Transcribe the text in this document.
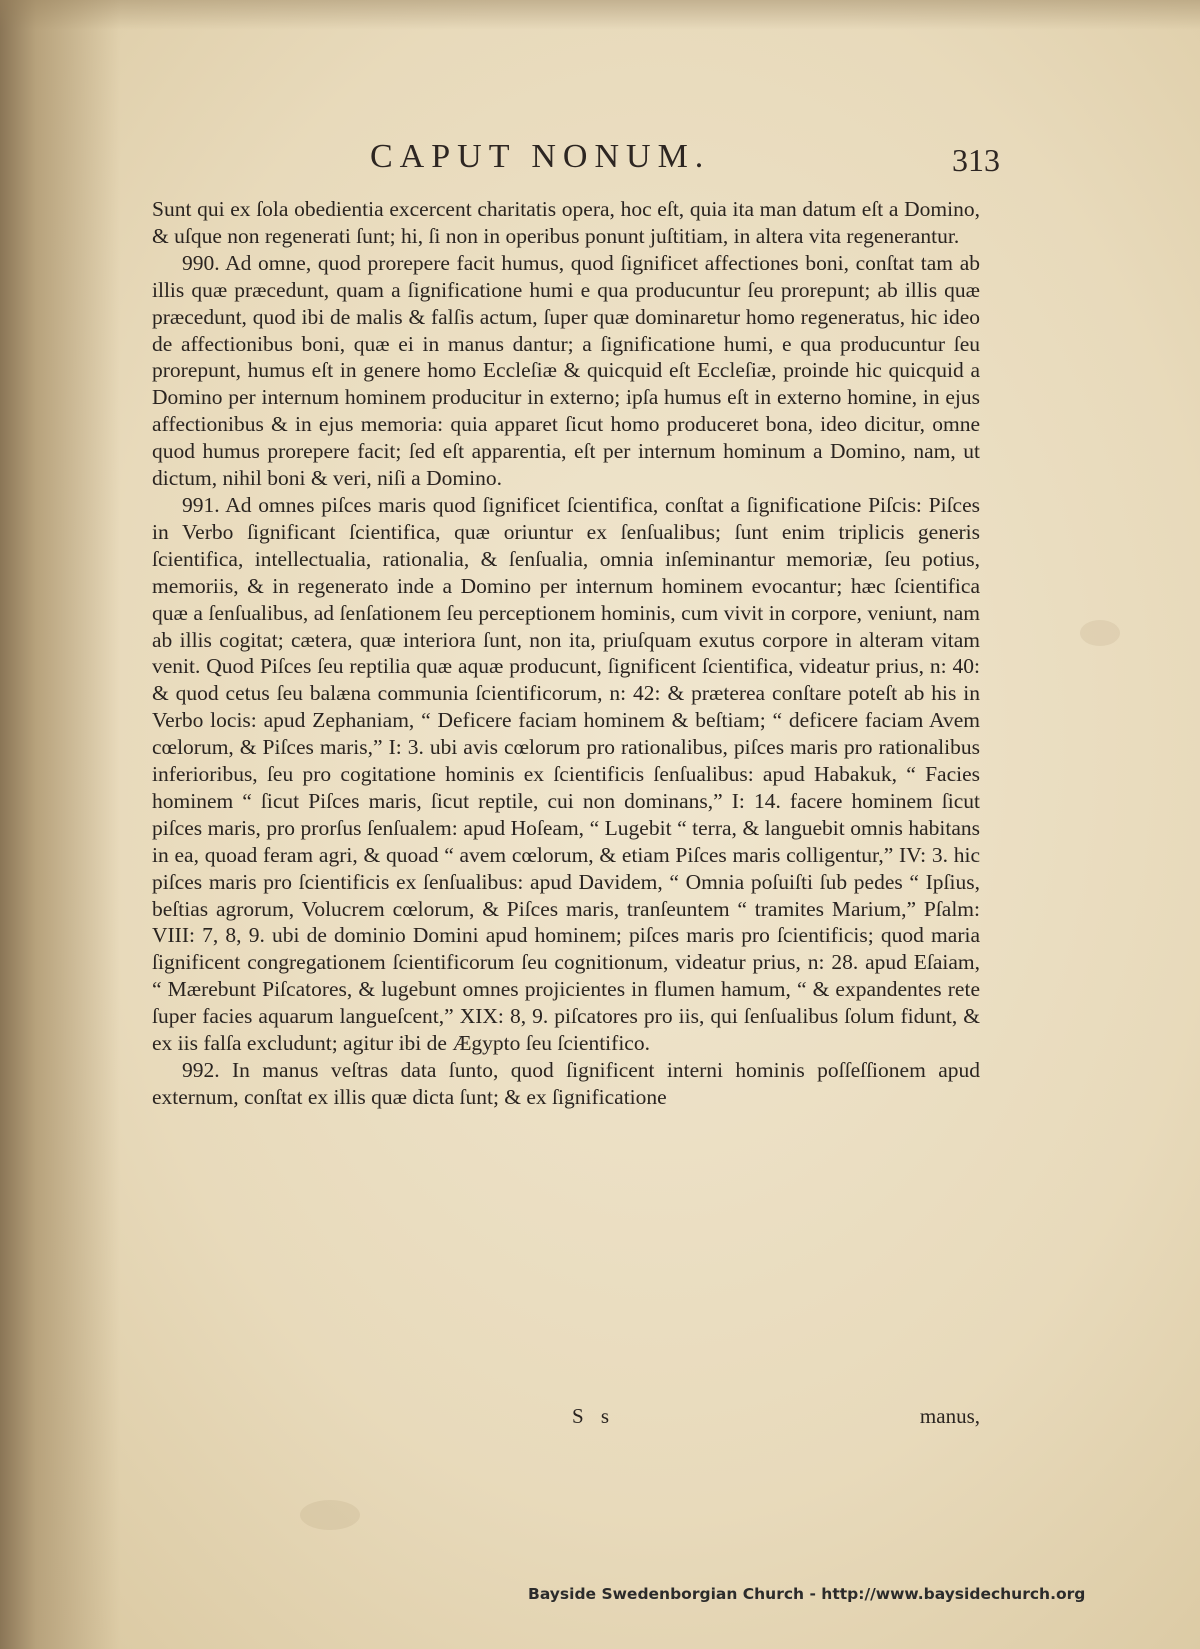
CAPUT NONUM.	313

Sunt qui ex ſola obedientia excercent charitatis opera, hoc eſt, quia ita man datum eſt a Domino, & uſque non regenerati ſunt; hi, ſi non in operibus ponunt juſtitiam, in altera vita regenerantur.

990. Ad omne, quod prorepere facit humus, quod ſignificet affectiones boni, conſtat tam ab illis quæ præcedunt, quam a ſignificatione humi e qua producuntur ſeu prorepunt; ab illis quæ præcedunt, quod ibi de malis & falſis actum, ſuper quæ dominaretur homo regeneratus, hic ideo de affectionibus boni, quæ ei in manus dantur; a ſignificatione humi, e qua producuntur ſeu prorepunt, humus eſt in genere homo Eccleſiæ & quicquid eſt Eccleſiæ, proinde hic quicquid a Domino per internum hominem producitur in externo; ipſa humus eſt in externo homine, in ejus affectionibus & in ejus memoria: quia apparet ſicut homo produceret bona, ideo dicitur, omne quod humus prorepere facit; ſed eſt apparentia, eſt per internum hominum a Domino, nam, ut dictum, nihil boni & veri, niſi a Domino.

991. Ad omnes piſces maris quod ſignificet ſcientifica, conſtat a ſignificatione Piſcis: Piſces in Verbo ſignificant ſcientifica, quæ oriuntur ex ſenſualibus; ſunt enim triplicis generis ſcientifica, intellectualia, rationalia, & ſenſualia, omnia inſeminantur memoriæ, ſeu potius, memoriis, & in regenerato inde a Domino per internum hominem evocantur; hæc ſcientifica quæ a ſenſualibus, ad ſenſationem ſeu perceptionem hominis, cum vivit in corpore, veniunt, nam ab illis cogitat; cætera, quæ interiora ſunt, non ita, priuſquam exutus corpore in alteram vitam venit. Quod Piſces ſeu reptilia quæ aquæ producunt, ſignificent ſcientifica, videatur prius, n: 40: & quod cetus ſeu balæna communia ſcientificorum, n: 42: & præterea conſtare poteſt ab his in Verbo locis: apud Zephaniam, “ Deficere faciam hominem & beſtiam; “ deficere faciam Avem cœlorum, & Piſces maris,” I: 3. ubi avis cœlorum pro rationalibus, piſces maris pro rationalibus inferioribus, ſeu pro cogitatione hominis ex ſcientificis ſenſualibus: apud Habakuk, “ Facies hominem “ ſicut Piſces maris, ſicut reptile, cui non dominans,” I: 14. facere hominem ſicut piſces maris, pro prorſus ſenſualem: apud Hoſeam, “ Lugebit “ terra, & languebit omnis habitans in ea, quoad feram agri, & quoad “ avem cœlorum, & etiam Piſces maris colligentur,” IV: 3. hic piſces maris pro ſcientificis ex ſenſualibus: apud Davidem, “ Omnia poſuiſti ſub pedes “ Ipſius, beſtias agrorum, Volucrem cœlorum, & Piſces maris, tranſeuntem “ tramites Marium,” Pſalm: VIII: 7, 8, 9. ubi de dominio Domini apud hominem; piſces maris pro ſcientificis; quod maria ſignificent congregationem ſcientificorum ſeu cognitionum, videatur prius, n: 28. apud Eſaiam, “ Mærebunt Piſcatores, & lugebunt omnes projicientes in flumen hamum, “ & expandentes rete ſuper facies aquarum langueſcent,” XIX: 8, 9. piſcatores pro iis, qui ſenſualibus ſolum fidunt, & ex iis falſa excludunt; agitur ibi de Ægypto ſeu ſcientifico.

992. In manus veſtras data ſunto, quod ſignificent interni hominis poſſeſſionem apud externum, conſtat ex illis quæ dicta ſunt; & ex ſignificatione

S s	manus,
Bayside Swedenborgian Church - http://www.baysidechurch.org
